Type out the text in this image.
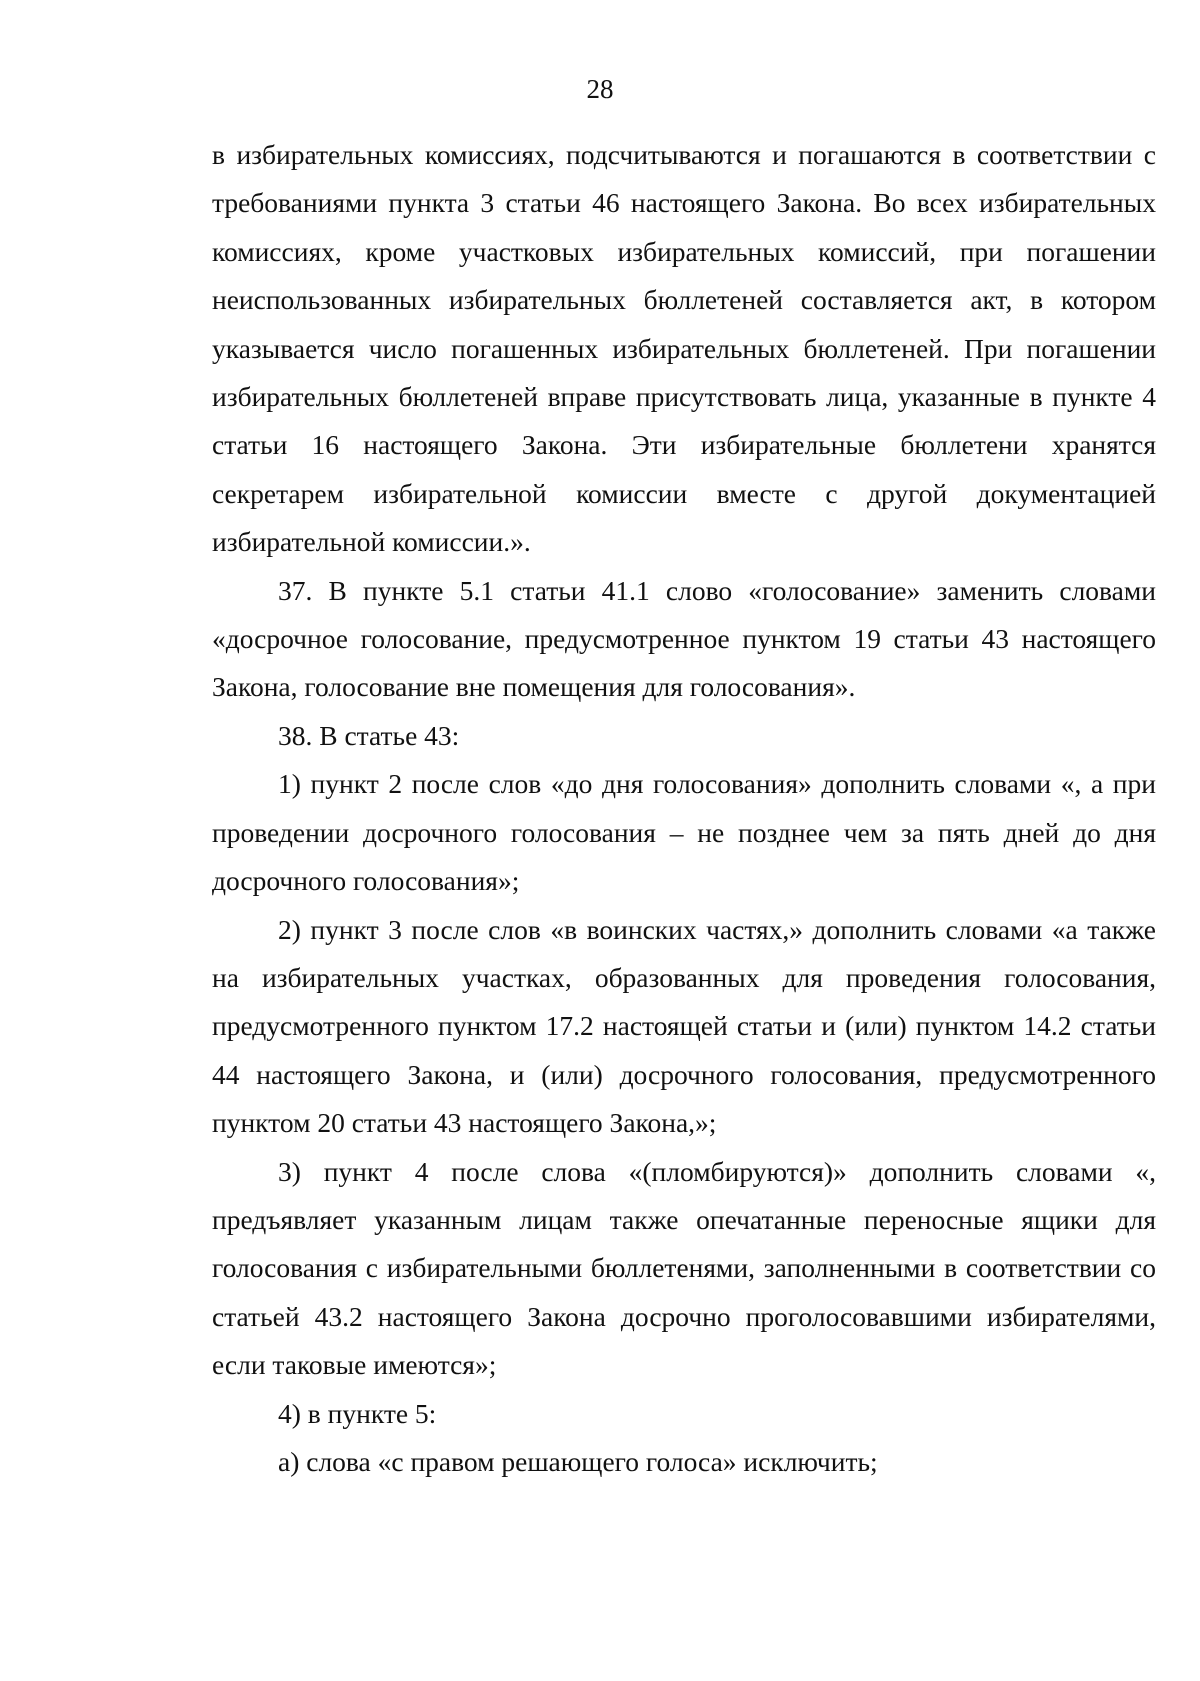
28

в избирательных комиссиях, подсчитываются и погашаются в соответствии с требованиями пункта 3 статьи 46 настоящего Закона. Во всех избирательных комиссиях, кроме участковых избирательных комиссий, при погашении неиспользованных избирательных бюллетеней составляется акт, в котором указывается число погашенных избирательных бюллетеней. При погашении избирательных бюллетеней вправе присутствовать лица, указанные в пункте 4 статьи 16 настоящего Закона. Эти избирательные бюллетени хранятся секретарем избирательной комиссии вместе с другой документацией избирательной комиссии.».

37. В пункте 5.1 статьи 41.1 слово «голосование» заменить словами «досрочное голосование, предусмотренное пунктом 19 статьи 43 настоящего Закона, голосование вне помещения для голосования».

38. В статье 43:

1) пункт 2 после слов «до дня голосования» дополнить словами «, а при проведении досрочного голосования – не позднее чем за пять дней до дня досрочного голосования»;

2) пункт 3 после слов «в воинских частях,» дополнить словами «а также на избирательных участках, образованных для проведения голосования, предусмотренного пунктом 17.2 настоящей статьи и (или) пунктом 14.2 статьи 44 настоящего Закона, и (или) досрочного голосования, предусмотренного пунктом 20 статьи 43 настоящего Закона,»;

3) пункт 4 после слова «(пломбируются)» дополнить словами «, предъявляет указанным лицам также опечатанные переносные ящики для голосования с избирательными бюллетенями, заполненными в соответствии со статьей 43.2 настоящего Закона досрочно проголосовавшими избирателями, если таковые имеются»;

4) в пункте 5:

а) слова «с правом решающего голоса» исключить;
